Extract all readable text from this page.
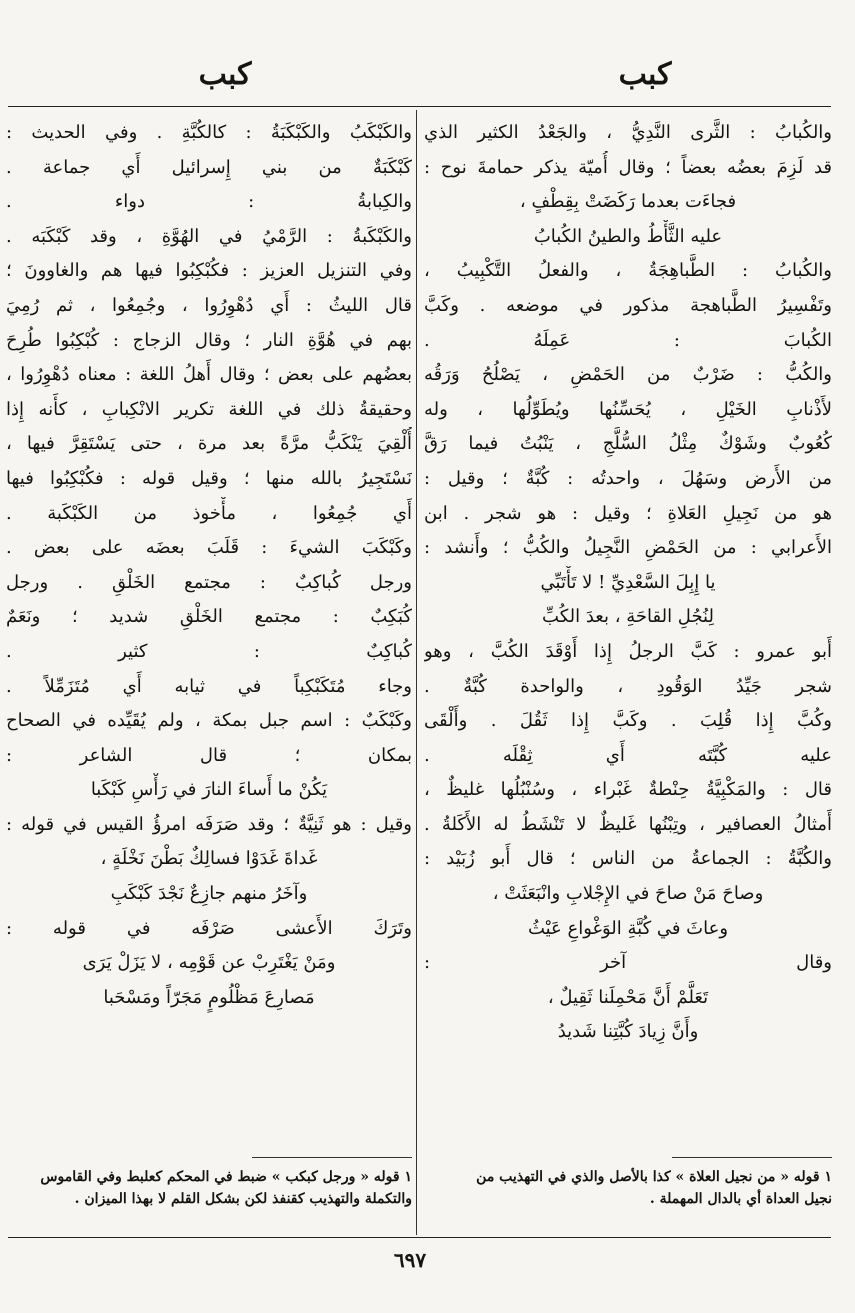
كبب
كبب
والكُبابُ : الثَّرى النَّدِيُّ ، والجَعْدُ الكثير الذي
قد لَزِمَ بعضُه بعضاً ؛ وقال أُميّة يذكر حمامةَ نوح :
فجاءَت بعدما رَكَضَتْ بِقِطْفٍ ،
عليه الثَّأْطُ والطينُ الكُبابُ
والكُبابُ : الطَّباهِجَةُ ، والفعلُ التَّكْبِيبُ ،
وتَفْسِيرُ الطَّباهجة مذكور في موضعه . وكَبَّ
الكُبابَ : عَمِلَهُ .
والكُبُّ : ضَرْبٌ من الحَمْضِ ، يَصْلُحُ وَرَقُه
لأَذْنابِ الخَيْلِ ، يُحَسِّنُها ويُطَوِّلُها ، وله
كُعُوبٌ وشَوْكٌ مِثْلُ السُّلَّجِ ، يَنْبُتُ فيما رَقَّ
من الأَرض وسَهُلَ ، واحدتُه : كُبَّةٌ ؛ وقيل :
هو من نَجِيلِ العَلاةِ ؛ وقيل : هو شجر . ابن
الأَعرابي : من الحَمْضِ النَّجِيلُ والكُبُّ ؛ وأَنشد :
يا إِبِلَ السَّعْدِيِّ ! لا تَأْتَبِّي
لِنُجُلِ القاحَةِ ، بعدَ الكُبِّ
أَبو عمرو : كَبَّ الرجلُ إِذا أَوْقَدَ الكُبَّ ، وهو
شجر جَيِّدُ الوَقُودِ ، والواحدة كُبَّةٌ .
وكُبَّ إِذا قُلِبَ . وكَبَّ إِذا ثَقُلَ . وأَلْقَى
عليه كُبَّتَه أَي ثِقْلَه .
قال : والمَكْبِيَّةُ حِنْطةٌ غَبْراء ، وسُنْبُلُها غليظٌ ،
أَمثالُ العصافير ، وتِبْنُها غَليظٌ لا تَنْشَطُ له الأَكَلةُ .
والكُبَّةُ : الجماعةُ من الناس ؛ قال أَبو زُبَيْد :
وصاحَ مَنْ صاحَ في الإِجْلابِ وانْبَعَثَتْ ،
وعاثَ في كُبَّةِ الوَغْواعِ عَيْثُ
وقال آخر :
تَعَلَّمْ أَنَّ مَحْمِلَنا ثَقِيلٌ ،
وأَنَّ زِيادَ كُبَّتِنا شَديدُ
والكَبْكَبُ والكَبْكَبَةُ : كالكُبَّةِ . وفي الحديث :
كَبْكَبَةٌ من بني إِسرائيل أَي جماعة .
والكِبابةُ : دواء .
والكَبْكَبةُ : الرَّمْيُ في الهُوَّةِ ، وقد كَبْكَبَه .
وفي التنزيل العزيز : فكُبْكِبُوا فيها هم والغاوونَ ؛
قال الليثُ : أَي دُهْوِرُوا ، وجُمِعُوا ، ثم رُمِيَ
بهم في هُوَّةِ النار ؛ وقال الزجاج : كُبْكِبُوا طُرِحَ
بعضُهم على بعض ؛ وقال أَهلُ اللغة : معناه دُهْوِرُوا ،
وحقيقةُ ذلك في اللغة تكرير الانْكِبابِ ، كأَنه إِذا
أُلْقِيَ يَنْكَبُّ مرَّةً بعد مرة ، حتى يَسْتَقِرَّ فيها ،
نَسْتَجِيرُ بالله منها ؛ وقيل قوله : فكُبْكِبُوا فيها
أَي جُمِعُوا ، مأْخوذ من الكَبْكَبة .
وكَبْكَبَ الشيءَ : قَلَبَ بعضَه على بعض .
ورجل كُباكِبٌ : مجتمع الخَلْقِ . ورجل
كُبَكِبٌ : مجتمع الخَلْقِ شديد ؛ ونَعَمٌ
كُباكِبٌ : كثير .
وجاء مُتَكَبْكِباً في ثيابه أَي مُتَزَمِّلاً .
وكَبْكَبٌ : اسم جبل بمكة ، ولم يُقَيِّده في الصحاح
بمكان ؛ قال الشاعر :
يَكُنْ ما أَساءَ النارَ في رَأْسِ كَبْكَبا
وقيل : هو ثَنِيَّةٌ ؛ وقد صَرَفَه امرؤُ القيس في قوله :
غَداةَ غَدَوْا فسالِكٌ بَطْنَ نَخْلَةٍ ،
وآخَرُ منهم جازِعٌ نَجْدَ كَبْكَبِ
وتَرَكَ الأَعشى صَرْفَه في قوله :
ومَنْ يَغْتَرِبْ عن قَوْمِه ، لا يَزَلْ يَرَى
مَصارِعَ مَظْلُومٍ مَجَرّاً ومَسْحَبا
١ قوله « من نجيل العلاة » كذا بالأصل والذي في التهذيب من
نجيل العداة أي بالدال المهملة .
١ قوله « ورجل كبكب » ضبط في المحكم كعلبط وفي القاموس
والتكملة والتهذيب كقنفذ لكن بشكل القلم لا بهذا الميزان .
٦٩٧
